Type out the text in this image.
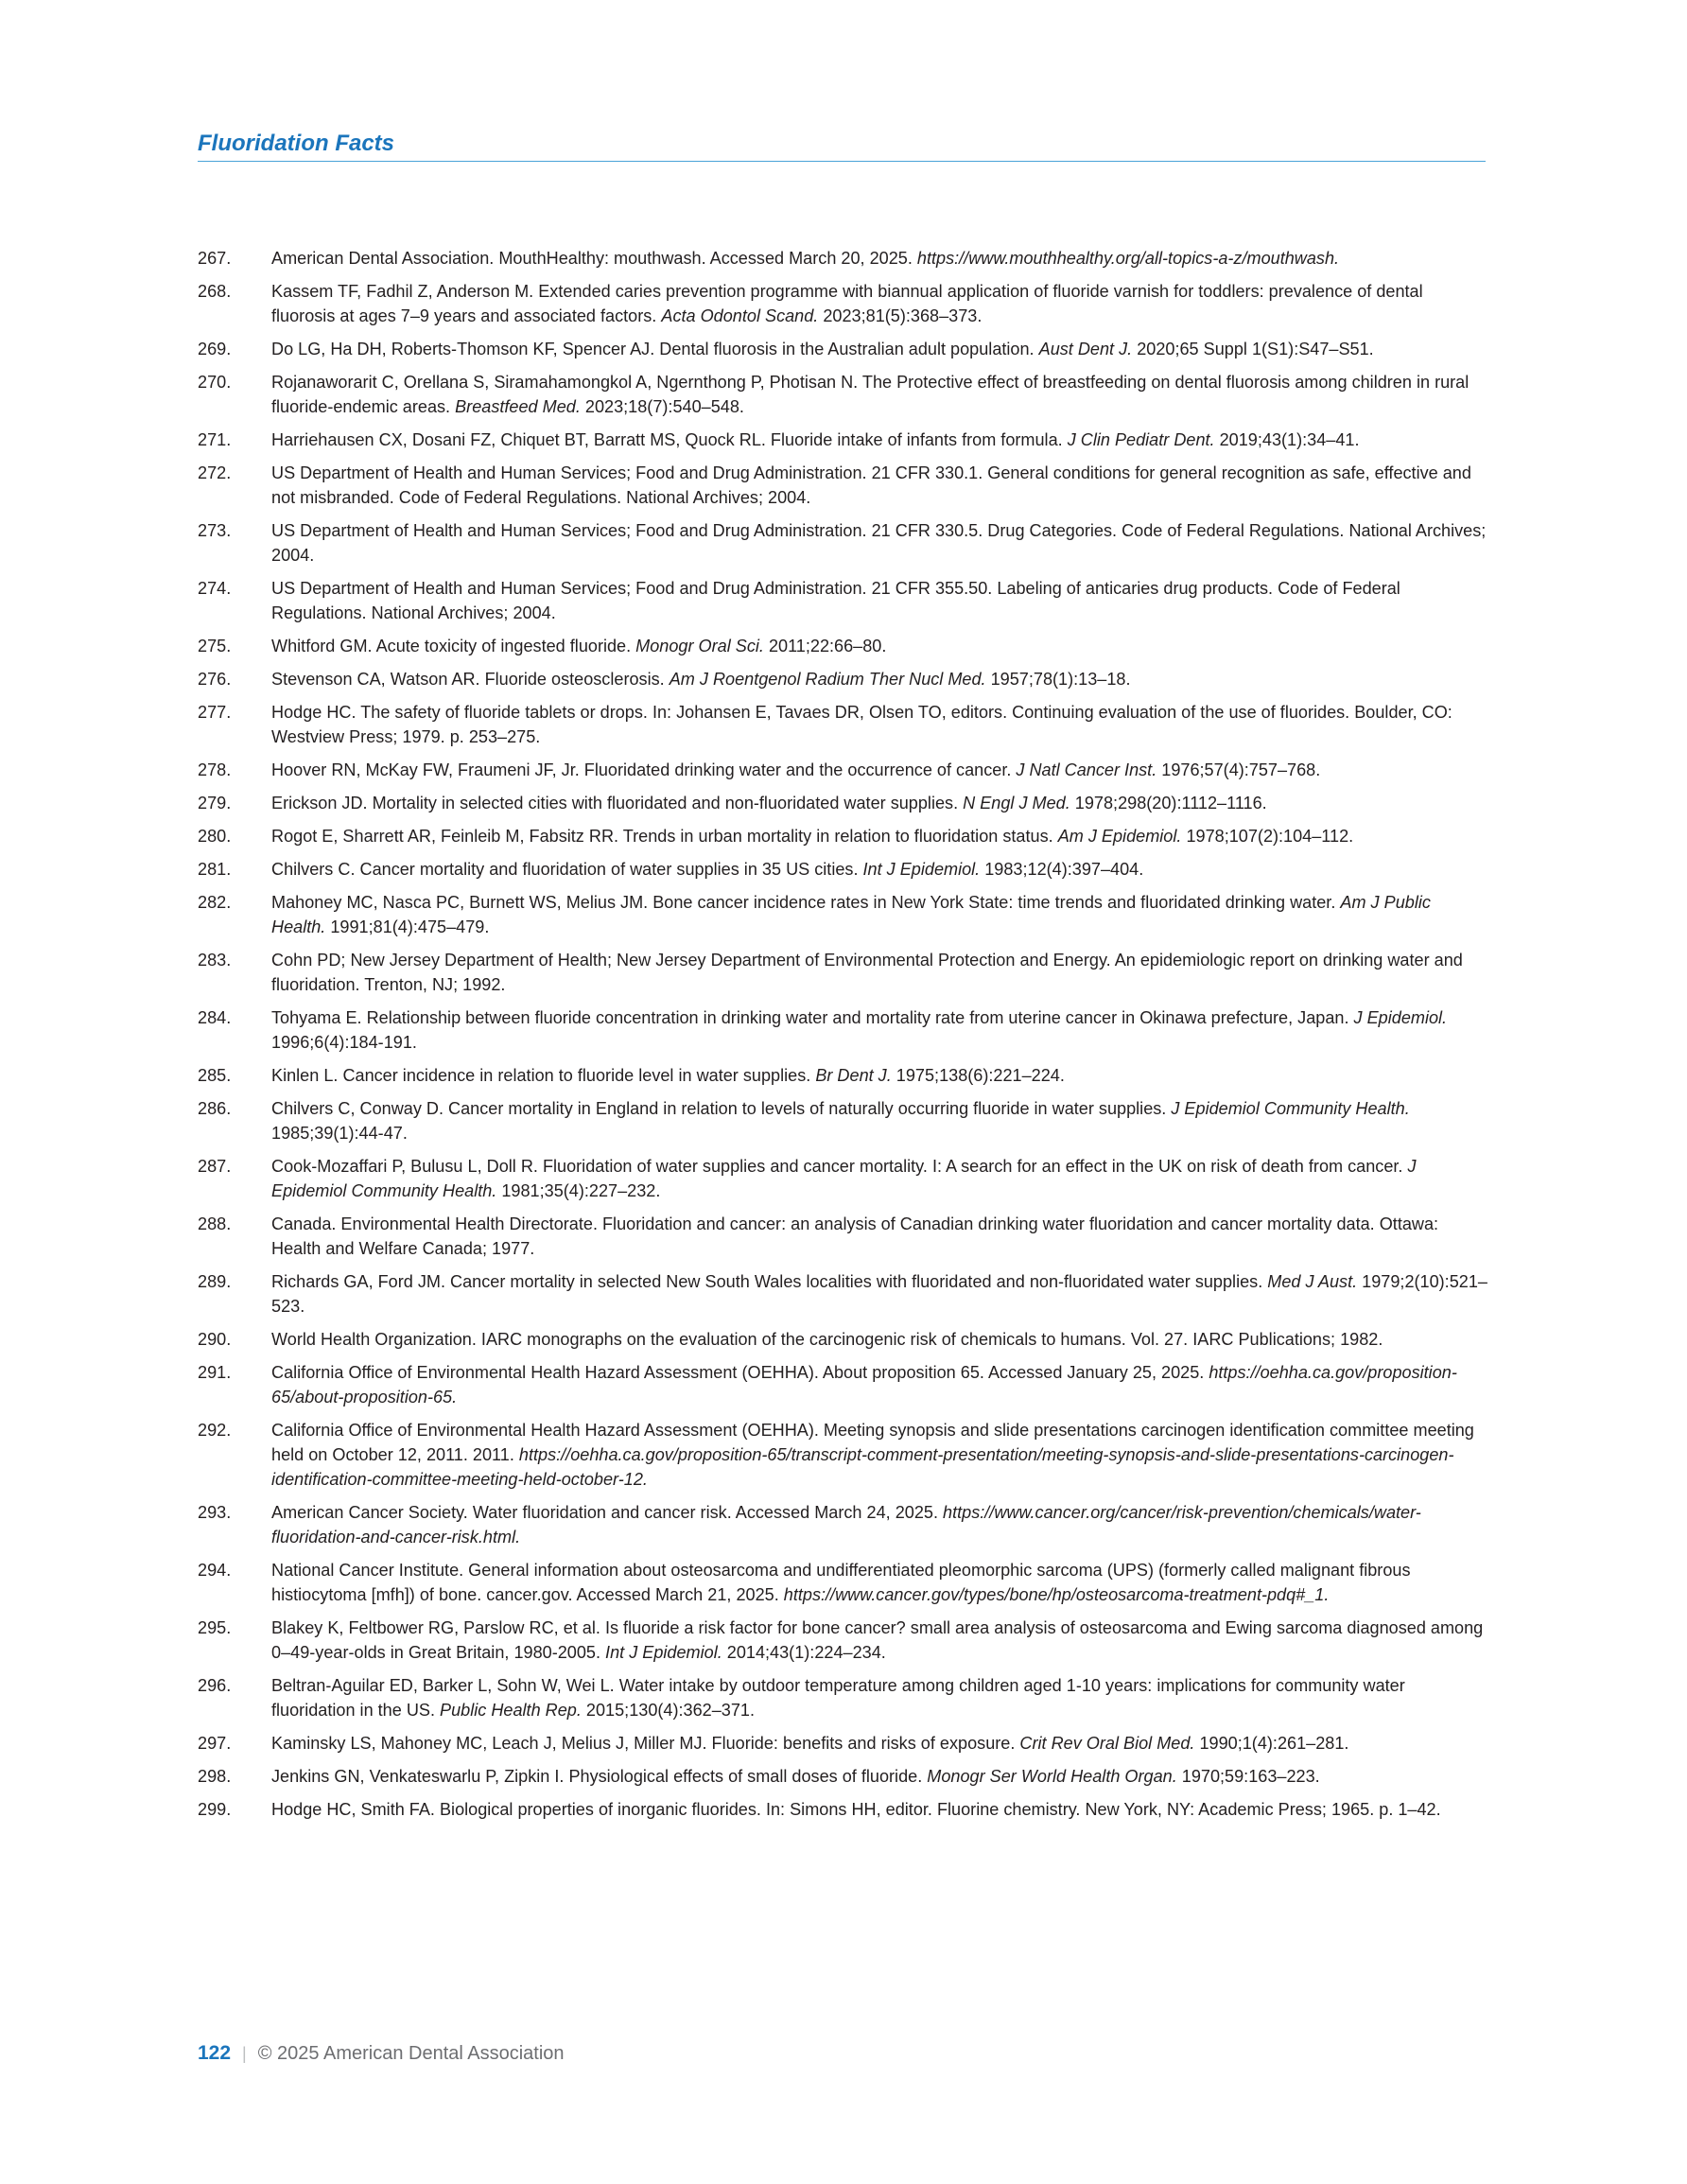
Fluoridation Facts
267.	American Dental Association. MouthHealthy: mouthwash. Accessed March 20, 2025. https://www.mouthhealthy.org/all-topics-a-z/mouthwash.
268.	Kassem TF, Fadhil Z, Anderson M. Extended caries prevention programme with biannual application of fluoride varnish for toddlers: prevalence of dental fluorosis at ages 7–9 years and associated factors. Acta Odontol Scand. 2023;81(5):368–373.
269.	Do LG, Ha DH, Roberts-Thomson KF, Spencer AJ. Dental fluorosis in the Australian adult population. Aust Dent J. 2020;65 Suppl 1(S1):S47–S51.
270.	Rojanaworarit C, Orellana S, Siramahamongkol A, Ngernthong P, Photisan N. The Protective effect of breastfeeding on dental fluorosis among children in rural fluoride-endemic areas. Breastfeed Med. 2023;18(7):540–548.
271.	Harriehausen CX, Dosani FZ, Chiquet BT, Barratt MS, Quock RL. Fluoride intake of infants from formula. J Clin Pediatr Dent. 2019;43(1):34–41.
272.	US Department of Health and Human Services; Food and Drug Administration. 21 CFR 330.1. General conditions for general recognition as safe, effective and not misbranded. Code of Federal Regulations. National Archives; 2004.
273.	US Department of Health and Human Services; Food and Drug Administration. 21 CFR 330.5. Drug Categories. Code of Federal Regulations. National Archives; 2004.
274.	US Department of Health and Human Services; Food and Drug Administration. 21 CFR 355.50. Labeling of anticaries drug products. Code of Federal Regulations. National Archives; 2004.
275.	Whitford GM. Acute toxicity of ingested fluoride. Monogr Oral Sci. 2011;22:66–80.
276.	Stevenson CA, Watson AR. Fluoride osteosclerosis. Am J Roentgenol Radium Ther Nucl Med. 1957;78(1):13–18.
277.	Hodge HC. The safety of fluoride tablets or drops. In: Johansen E, Tavaes DR, Olsen TO, editors. Continuing evaluation of the use of fluorides. Boulder, CO: Westview Press; 1979. p. 253–275.
278.	Hoover RN, McKay FW, Fraumeni JF, Jr. Fluoridated drinking water and the occurrence of cancer. J Natl Cancer Inst. 1976;57(4):757–768.
279.	Erickson JD. Mortality in selected cities with fluoridated and non-fluoridated water supplies. N Engl J Med. 1978;298(20):1112–1116.
280.	Rogot E, Sharrett AR, Feinleib M, Fabsitz RR. Trends in urban mortality in relation to fluoridation status. Am J Epidemiol. 1978;107(2):104–112.
281.	Chilvers C. Cancer mortality and fluoridation of water supplies in 35 US cities. Int J Epidemiol. 1983;12(4):397–404.
282.	Mahoney MC, Nasca PC, Burnett WS, Melius JM. Bone cancer incidence rates in New York State: time trends and fluoridated drinking water. Am J Public Health. 1991;81(4):475–479.
283.	Cohn PD; New Jersey Department of Health; New Jersey Department of Environmental Protection and Energy. An epidemiologic report on drinking water and fluoridation. Trenton, NJ; 1992.
284.	Tohyama E. Relationship between fluoride concentration in drinking water and mortality rate from uterine cancer in Okinawa prefecture, Japan. J Epidemiol. 1996;6(4):184-191.
285.	Kinlen L. Cancer incidence in relation to fluoride level in water supplies. Br Dent J. 1975;138(6):221–224.
286.	Chilvers C, Conway D. Cancer mortality in England in relation to levels of naturally occurring fluoride in water supplies. J Epidemiol Community Health. 1985;39(1):44-47.
287.	Cook-Mozaffari P, Bulusu L, Doll R. Fluoridation of water supplies and cancer mortality. I: A search for an effect in the UK on risk of death from cancer. J Epidemiol Community Health. 1981;35(4):227–232.
288.	Canada. Environmental Health Directorate. Fluoridation and cancer: an analysis of Canadian drinking water fluoridation and cancer mortality data. Ottawa: Health and Welfare Canada; 1977.
289.	Richards GA, Ford JM. Cancer mortality in selected New South Wales localities with fluoridated and non-fluoridated water supplies. Med J Aust. 1979;2(10):521–523.
290.	World Health Organization. IARC monographs on the evaluation of the carcinogenic risk of chemicals to humans. Vol. 27. IARC Publications; 1982.
291.	California Office of Environmental Health Hazard Assessment (OEHHA). About proposition 65. Accessed January 25, 2025. https://oehha.ca.gov/proposition-65/about-proposition-65.
292.	California Office of Environmental Health Hazard Assessment (OEHHA). Meeting synopsis and slide presentations carcinogen identification committee meeting held on October 12, 2011. 2011. https://oehha.ca.gov/proposition-65/transcript-comment-presentation/meeting-synopsis-and-slide-presentations-carcinogen-identification-committee-meeting-held-october-12.
293.	American Cancer Society. Water fluoridation and cancer risk. Accessed March 24, 2025. https://www.cancer.org/cancer/risk-prevention/chemicals/water-fluoridation-and-cancer-risk.html.
294.	National Cancer Institute. General information about osteosarcoma and undifferentiated pleomorphic sarcoma (UPS) (formerly called malignant fibrous histiocytoma [mfh]) of bone. cancer.gov. Accessed March 21, 2025. https://www.cancer.gov/types/bone/hp/osteosarcoma-treatment-pdq#_1.
295.	Blakey K, Feltbower RG, Parslow RC, et al. Is fluoride a risk factor for bone cancer? small area analysis of osteosarcoma and Ewing sarcoma diagnosed among 0–49-year-olds in Great Britain, 1980-2005. Int J Epidemiol. 2014;43(1):224–234.
296.	Beltran-Aguilar ED, Barker L, Sohn W, Wei L. Water intake by outdoor temperature among children aged 1-10 years: implications for community water fluoridation in the US. Public Health Rep. 2015;130(4):362–371.
297.	Kaminsky LS, Mahoney MC, Leach J, Melius J, Miller MJ. Fluoride: benefits and risks of exposure. Crit Rev Oral Biol Med. 1990;1(4):261–281.
298.	Jenkins GN, Venkateswarlu P, Zipkin I. Physiological effects of small doses of fluoride. Monogr Ser World Health Organ. 1970;59:163–223.
299.	Hodge HC, Smith FA. Biological properties of inorganic fluorides. In: Simons HH, editor. Fluorine chemistry. New York, NY: Academic Press; 1965. p. 1–42.
122 | © 2025 American Dental Association
